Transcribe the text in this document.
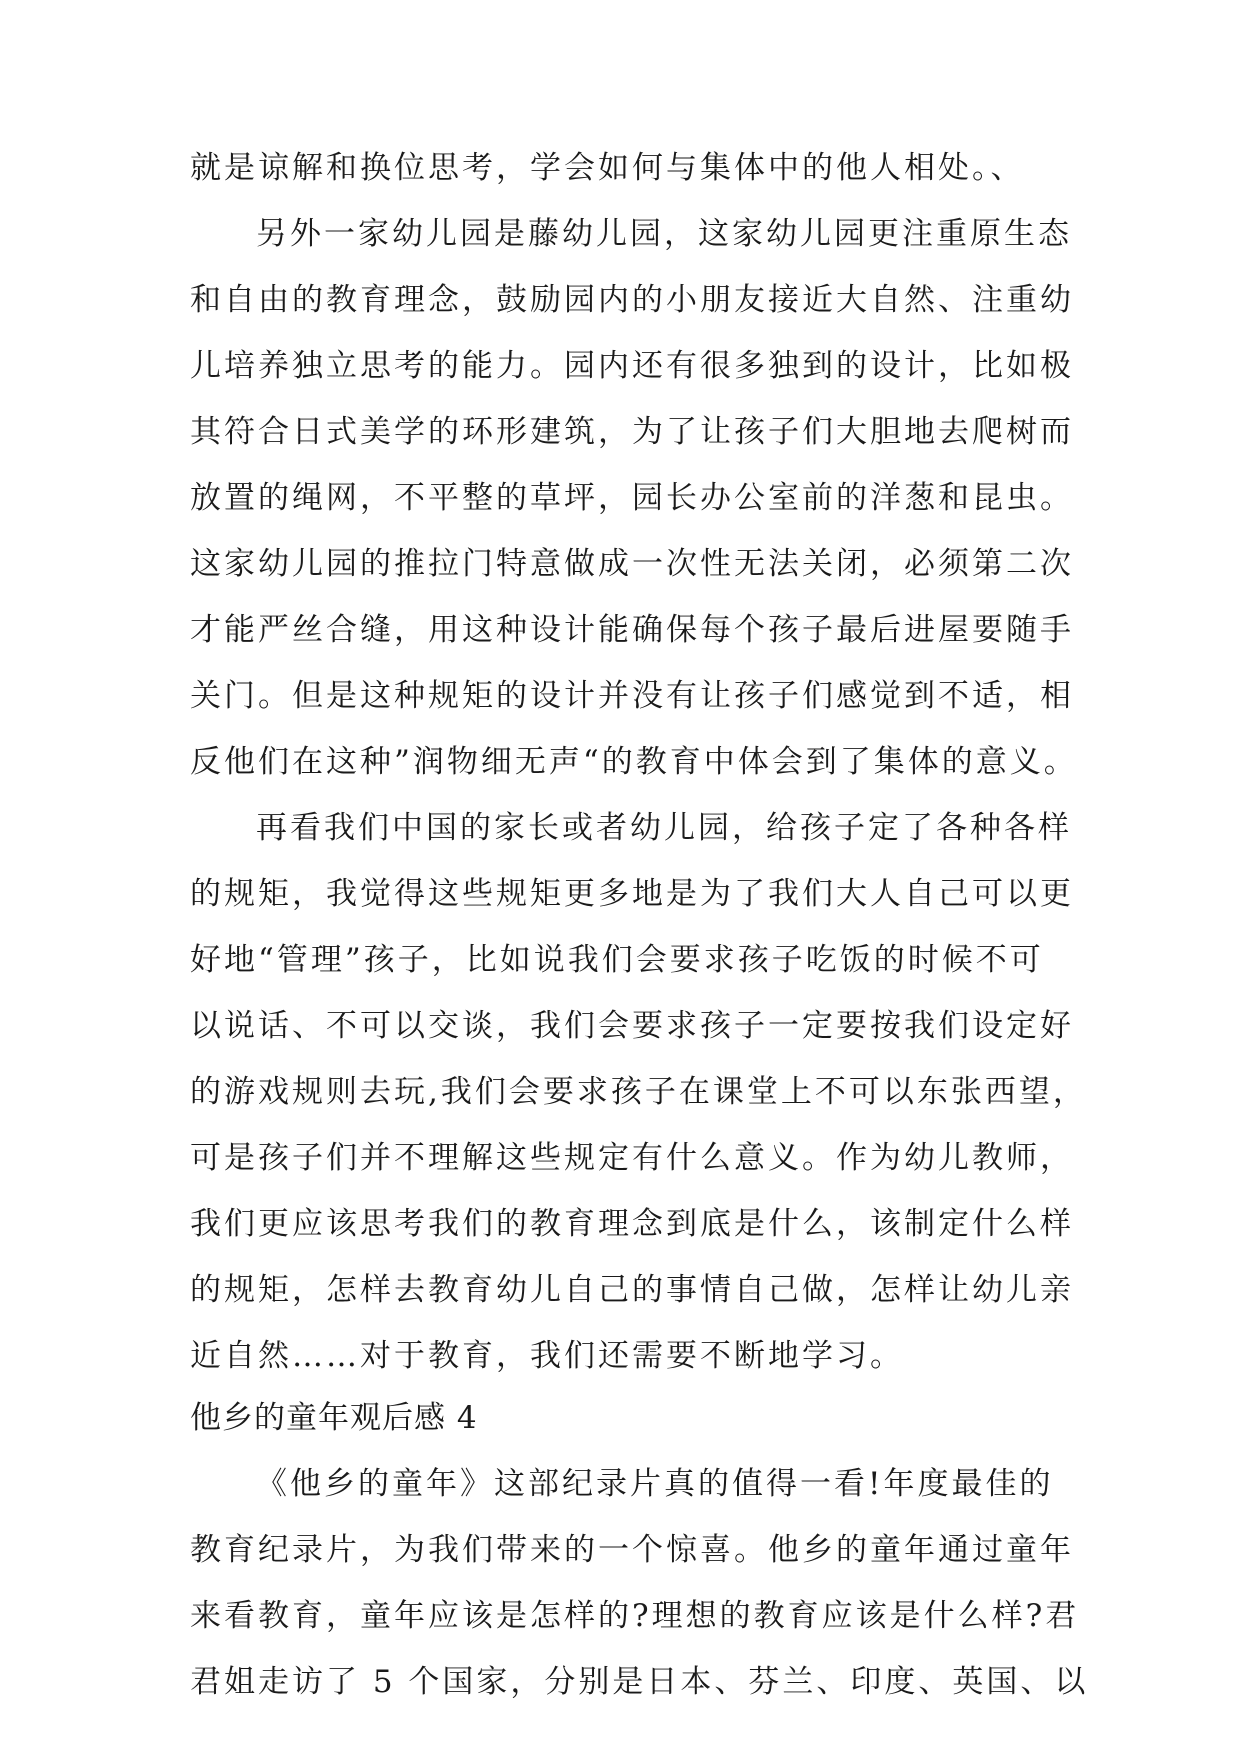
就是谅解和换位思考，学会如何与集体中的他人相处。、
另外一家幼儿园是藤幼儿园，这家幼儿园更注重原生态
和自由的教育理念，鼓励园内的小朋友接近大自然、注重幼
儿培养独立思考的能力。园内还有很多独到的设计，比如极
其符合日式美学的环形建筑，为了让孩子们大胆地去爬树而
放置的绳网，不平整的草坪，园长办公室前的洋葱和昆虫。
这家幼儿园的推拉门特意做成一次性无法关闭，必须第二次
才能严丝合缝，用这种设计能确保每个孩子最后进屋要随手
关门。但是这种规矩的设计并没有让孩子们感觉到不适，相
反他们在这种”润物细无声“的教育中体会到了集体的意义。
再看我们中国的家长或者幼儿园，给孩子定了各种各样
的规矩，我觉得这些规矩更多地是为了我们大人自己可以更
好地“管理”孩子，比如说我们会要求孩子吃饭的时候不可
以说话、不可以交谈，我们会要求孩子一定要按我们设定好
的游戏规则去玩,我们会要求孩子在课堂上不可以东张西望，
可是孩子们并不理解这些规定有什么意义。作为幼儿教师，
我们更应该思考我们的教育理念到底是什么，该制定什么样
的规矩，怎样去教育幼儿自己的事情自己做，怎样让幼儿亲
近自然……对于教育，我们还需要不断地学习。
他乡的童年观后感 4
《他乡的童年》这部纪录片真的值得一看!年度最佳的
教育纪录片，为我们带来的一个惊喜。他乡的童年通过童年
来看教育，童年应该是怎样的?理想的教育应该是什么样?君
君姐走访了 5 个国家，分别是日本、芬兰、印度、英国、以
